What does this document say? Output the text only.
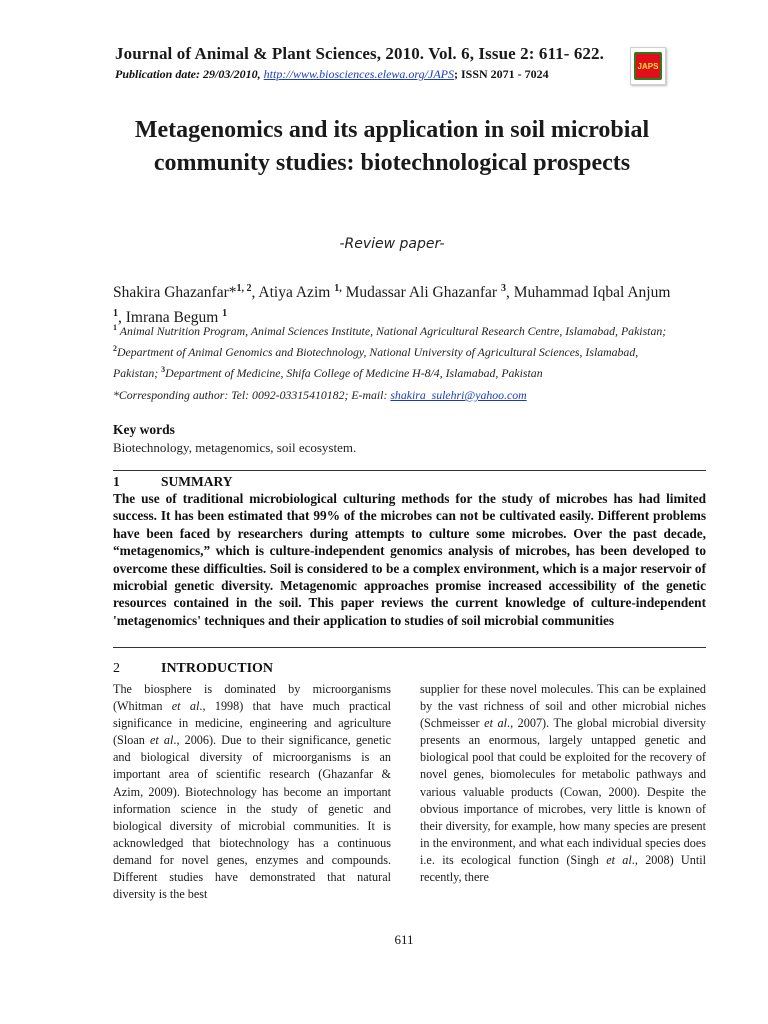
Journal of Animal & Plant Sciences, 2010. Vol. 6, Issue 2: 611- 622.
Publication date: 29/03/2010, http://www.biosciences.elewa.org/JAPS; ISSN 2071 - 7024
JAPS
Metagenomics and its application in soil microbial community studies: biotechnological prospects
-Review paper-
Shakira Ghazanfar*$^{1, 2}$, Atiya Azim $^{1,}$ Mudassar Ali Ghazanfar $^3$, Muhammad Iqbal Anjum $^1$, Imrana Begum $^1$
$^1$ Animal Nutrition Program, Animal Sciences Institute, National Agricultural Research Centre, Islamabad, Pakistan; $^2$Department of Animal Genomics and Biotechnology, National University of Agricultural Sciences, Islamabad, Pakistan; $^3$Department of Medicine, Shifa College of Medicine H-8/4, Islamabad, Pakistan
*Corresponding author: Tel: 0092-03315410182; E-mail: shakira_sulehri@yahoo.com
Key words
Biotechnology, metagenomics, soil ecosystem.
1	SUMMARY
The use of traditional microbiological culturing methods for the study of microbes has had limited success. It has been estimated that 99% of the microbes can not be cultivated easily. Different problems have been faced by researchers during attempts to culture some microbes. Over the past decade, “metagenomics,” which is culture-independent genomics analysis of microbes, has been developed to overcome these difficulties. Soil is considered to be a complex environment, which is a major reservoir of microbial genetic diversity. Metagenomic approaches promise increased accessibility of the genetic resources contained in the soil. This paper reviews the current knowledge of culture-independent 'metagenomics' techniques and their application to studies of soil microbial communities
2	INTRODUCTION
The biosphere is dominated by microorganisms (Whitman et al., 1998) that have much practical significance in medicine, engineering and agriculture (Sloan et al., 2006). Due to their significance, genetic and biological diversity of microorganisms is an important area of scientific research (Ghazanfar & Azim, 2009). Biotechnology has become an important information science in the study of genetic and biological diversity of microbial communities. It is acknowledged that biotechnology has a continuous demand for novel genes, enzymes and compounds. Different studies have demonstrated that natural diversity is the best
supplier for these novel molecules. This can be explained by the vast richness of soil and other microbial niches (Schmeisser et al., 2007). The global microbial diversity presents an enormous, largely untapped genetic and biological pool that could be exploited for the recovery of novel genes, biomolecules for metabolic pathways and various valuable products (Cowan, 2000). Despite the obvious importance of microbes, very little is known of their diversity, for example, how many species are present in the environment, and what each individual species does i.e. its ecological function (Singh et al., 2008) Until recently, there
611
